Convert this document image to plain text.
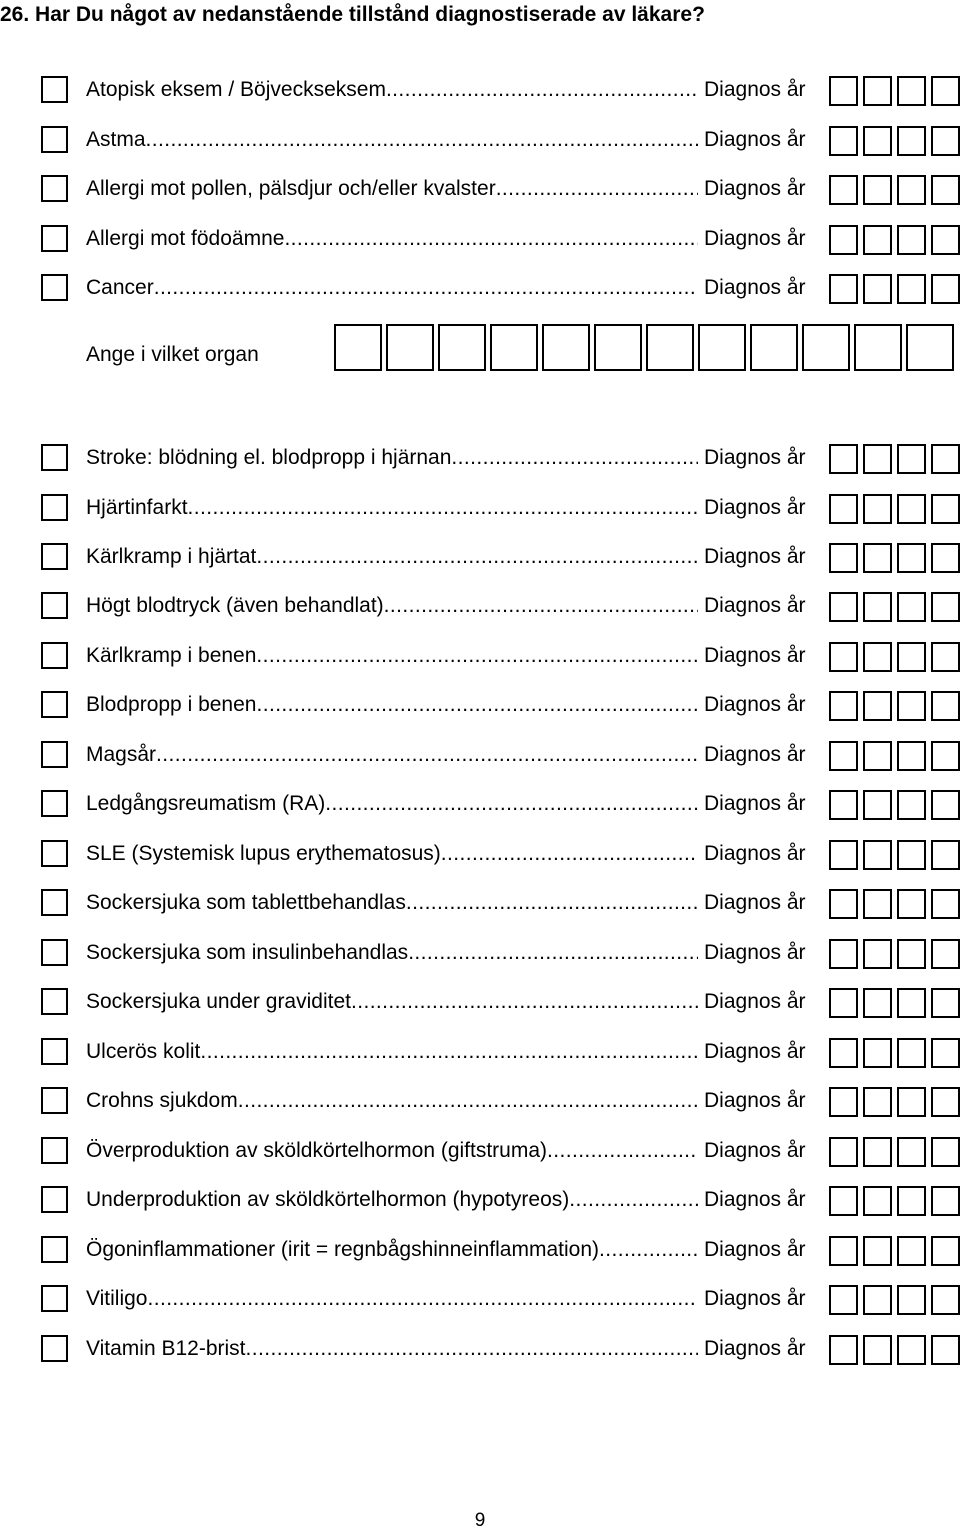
26. Har Du något av nedanstående tillstånd diagnostiserade av läkare?
Atopisk eksem / Böjveckseksem .....	Diagnos år
Astma .....	Diagnos år
Allergi mot pollen, pälsdjur och/eller kvalster .....	Diagnos år
Allergi mot födoämne .....	Diagnos år
Cancer .....	Diagnos år
Stroke: blödning el. blodpropp i hjärnan .....	Diagnos år
Hjärtinfarkt .....	Diagnos år
Kärlkramp i hjärtat .....	Diagnos år
Högt blodtryck (även behandlat) .....	Diagnos år
Kärlkramp i benen .....	Diagnos år
Blodpropp i benen .....	Diagnos år
Magsår .....	Diagnos år
Ledgångsreumatism (RA) .....	Diagnos år
SLE (Systemisk lupus erythematosus) .....	Diagnos år
Sockersjuka som tablettbehandlas .....	Diagnos år
Sockersjuka som insulinbehandlas .....	Diagnos år
Sockersjuka under graviditet .....	Diagnos år
Ulcerös kolit .....	Diagnos år
Crohns sjukdom .....	Diagnos år
Överproduktion av sköldkörtelhormon (giftstruma) .....	Diagnos år
Underproduktion av sköldkörtelhormon (hypotyreos) .....	Diagnos år
Ögoninflammationer (irit = regnbågshinneinflammation) .....	Diagnos år
Vitiligo .....	Diagnos år
Vitamin B12-brist .....	Diagnos år
Ange i vilket organ
9
